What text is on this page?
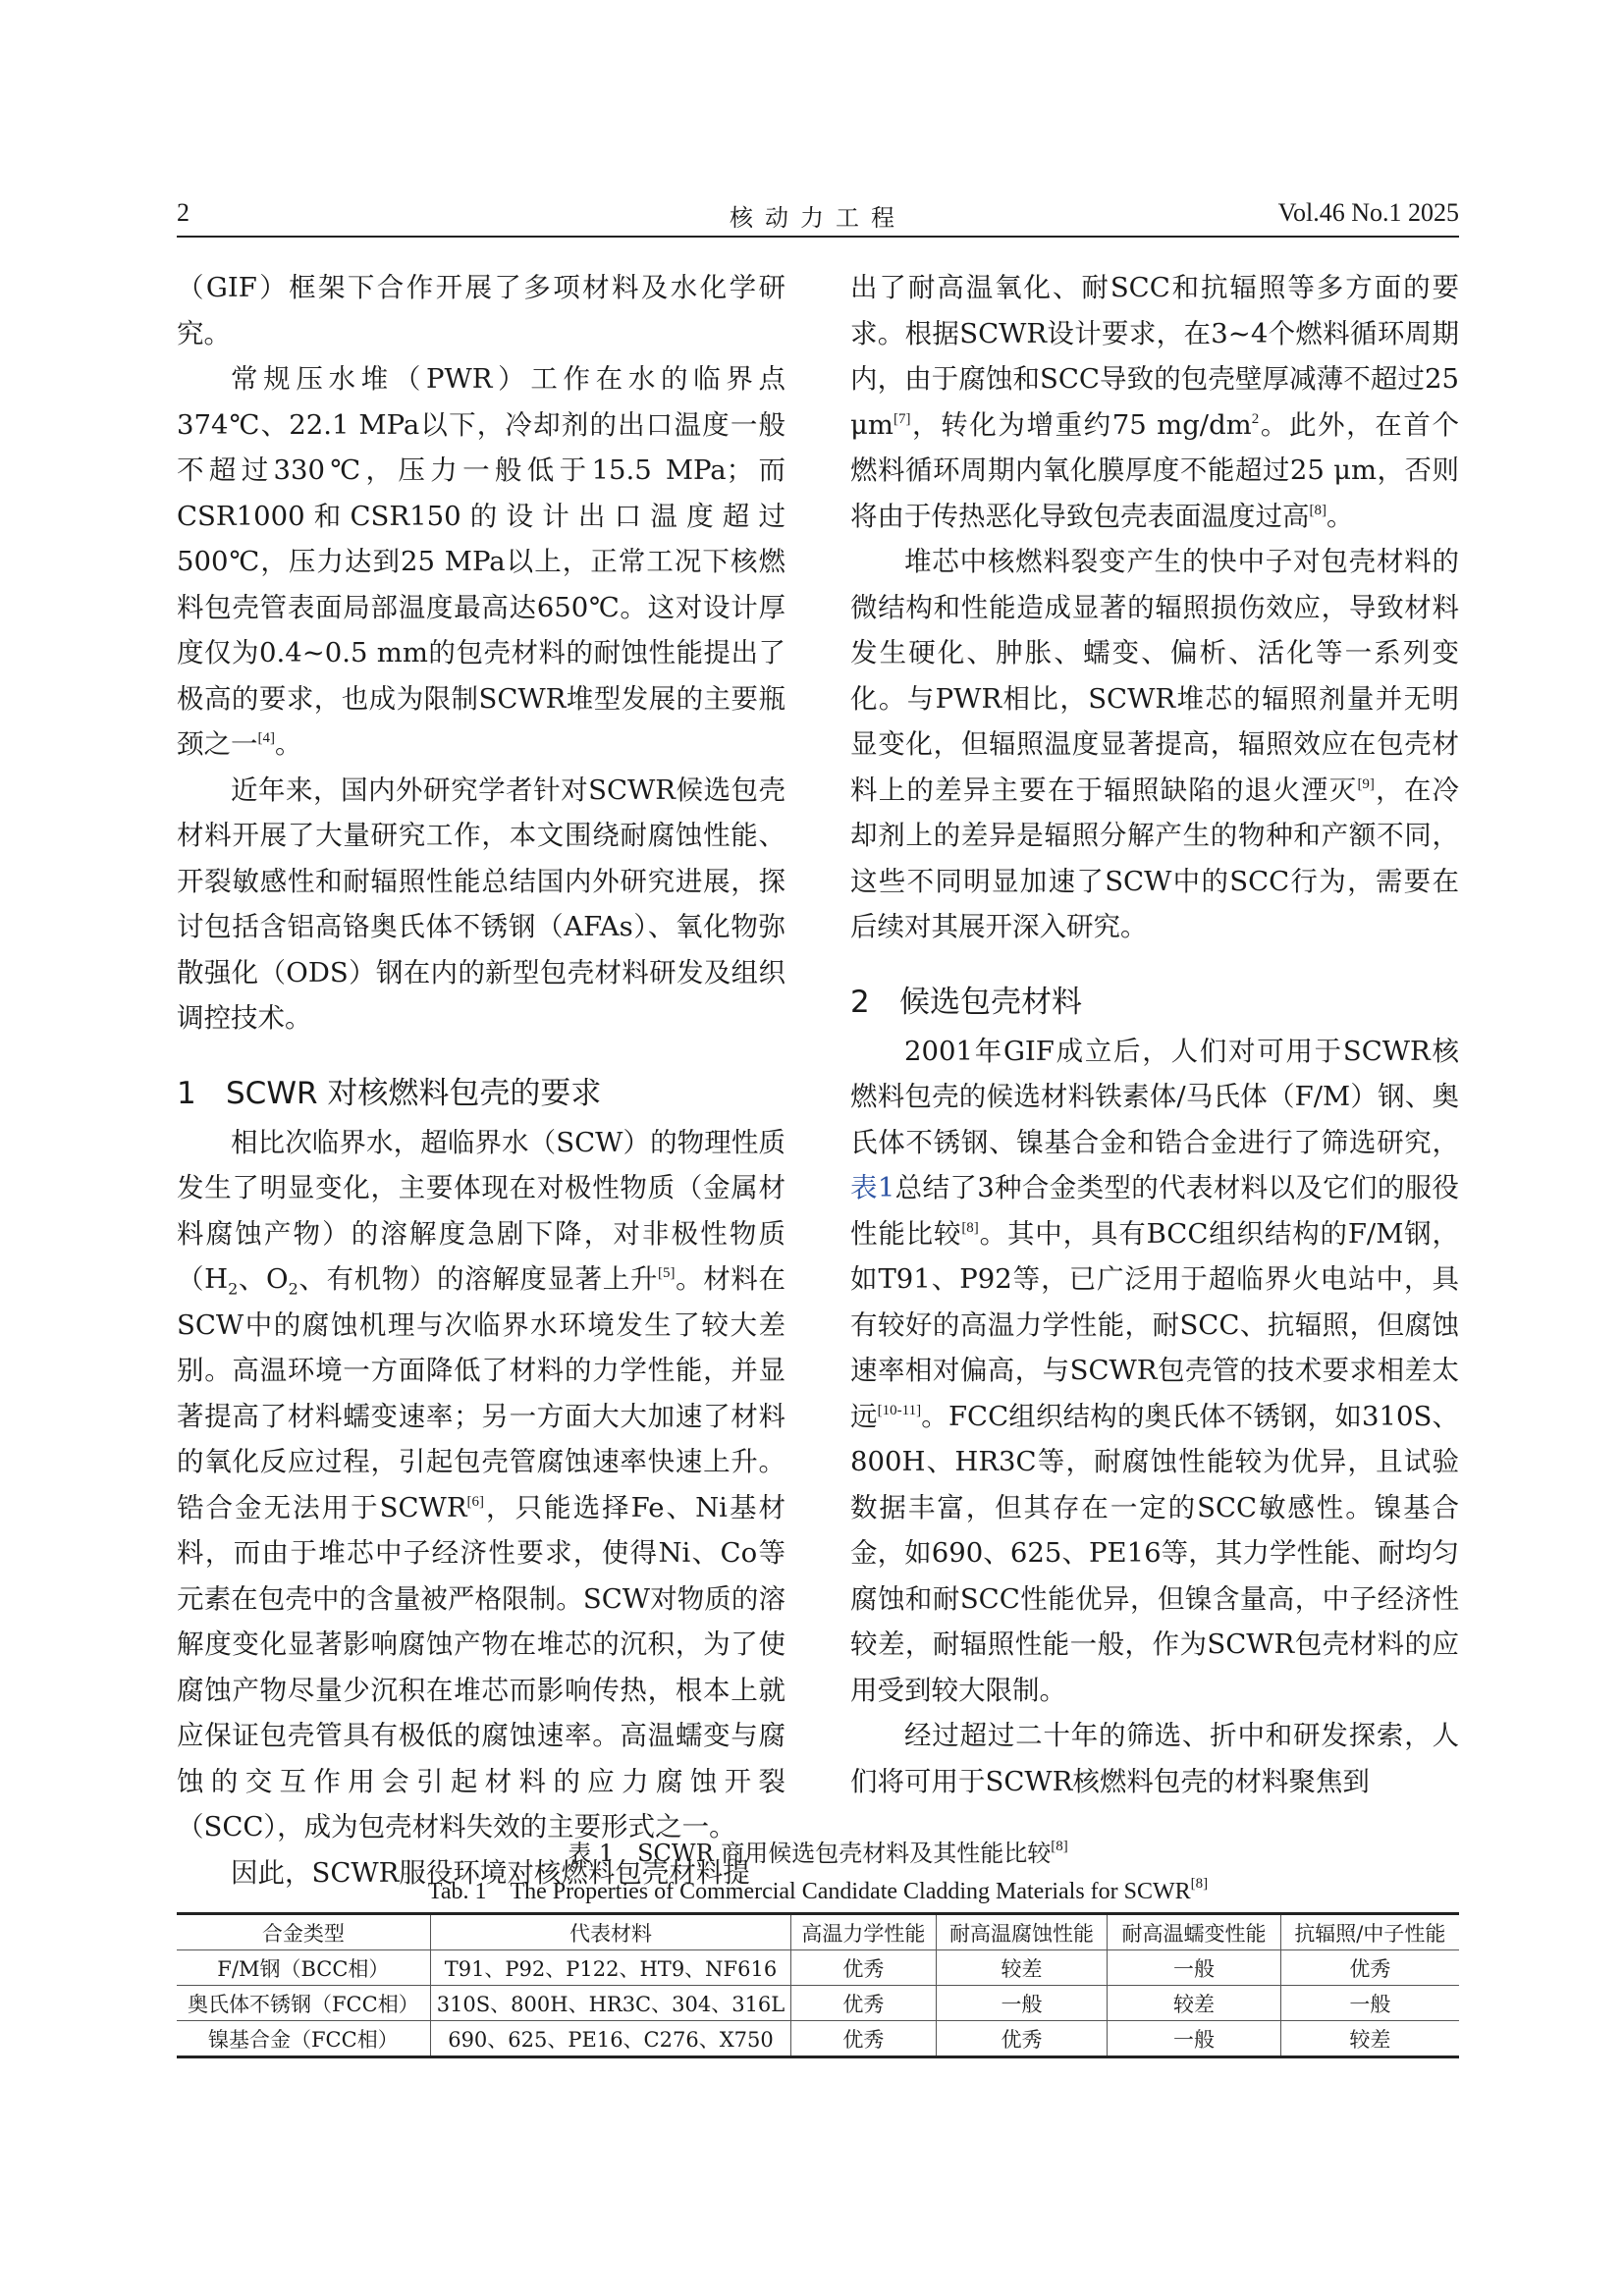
2	核动力工程	Vol.46 No.1 2025

（GIF）框架下合作开展了多项材料及水化学研究。

常规压水堆（PWR）工作在水的临界点374℃、22.1 MPa以下，冷却剂的出口温度一般不超过330℃，压力一般低于15.5 MPa；而CSR1000和CSR150的设计出口温度超过500℃，压力达到25 MPa以上，正常工况下核燃料包壳管表面局部温度最高达650℃。这对设计厚度仅为0.4~0.5 mm的包壳材料的耐蚀性能提出了极高的要求，也成为限制SCWR堆型发展的主要瓶颈之一[4]。

近年来，国内外研究学者针对SCWR候选包壳材料开展了大量研究工作，本文围绕耐腐蚀性能、开裂敏感性和耐辐照性能总结国内外研究进展，探讨包括含铝高铬奥氏体不锈钢（AFAs）、氧化物弥散强化（ODS）钢在内的新型包壳材料研发及组织调控技术。

1 SCWR 对核燃料包壳的要求

相比次临界水，超临界水（SCW）的物理性质发生了明显变化，主要体现在对极性物质（金属材料腐蚀产物）的溶解度急剧下降，对非极性物质（$H_2$、$O_2$、有机物）的溶解度显著上升[5]。材料在SCW中的腐蚀机理与次临界水环境发生了较大差别。高温环境一方面降低了材料的力学性能，并显著提高了材料蠕变速率；另一方面大大加速了材料的氧化反应过程，引起包壳管腐蚀速率快速上升。锆合金无法用于SCWR[6]，只能选择Fe、Ni基材料，而由于堆芯中子经济性要求，使得Ni、Co等元素在包壳中的含量被严格限制。SCW对物质的溶解度变化显著影响腐蚀产物在堆芯的沉积，为了使腐蚀产物尽量少沉积在堆芯而影响传热，根本上就应保证包壳管具有极低的腐蚀速率。高温蠕变与腐蚀的交互作用会引起材料的应力腐蚀开裂（SCC），成为包壳材料失效的主要形式之一。

因此，SCWR服役环境对核燃料包壳材料提

出了耐高温氧化、耐SCC和抗辐照等多方面的要求。根据SCWR设计要求，在3~4个燃料循环周期内，由于腐蚀和SCC导致的包壳壁厚减薄不超过25 μm[7]，转化为增重约75 $mg/dm^2$。此外，在首个燃料循环周期内氧化膜厚度不能超过25 μm，否则将由于传热恶化导致包壳表面温度过高[8]。

堆芯中核燃料裂变产生的快中子对包壳材料的微结构和性能造成显著的辐照损伤效应，导致材料发生硬化、肿胀、蠕变、偏析、活化等一系列变化。与PWR相比，SCWR堆芯的辐照剂量并无明显变化，但辐照温度显著提高，辐照效应在包壳材料上的差异主要在于辐照缺陷的退火湮灭[9]，在冷却剂上的差异是辐照分解产生的物种和产额不同，这些不同明显加速了SCW中的SCC行为，需要在后续对其展开深入研究。

2 候选包壳材料

2001年GIF成立后，人们对可用于SCWR核燃料包壳的候选材料铁素体/马氏体（F/M）钢、奥氏体不锈钢、镍基合金和锆合金进行了筛选研究，表1总结了3种合金类型的代表材料以及它们的服役性能比较[8]。其中，具有BCC组织结构的F/M钢，如T91、P92等，已广泛用于超临界火电站中，具有较好的高温力学性能，耐SCC、抗辐照，但腐蚀速率相对偏高，与SCWR包壳管的技术要求相差太远[10-11]。FCC组织结构的奥氏体不锈钢，如310S、800H、HR3C等，耐腐蚀性能较为优异，且试验数据丰富，但其存在一定的SCC敏感性。镍基合金，如690、625、PE16等，其力学性能、耐均匀腐蚀和耐SCC性能优异，但镍含量高，中子经济性较差，耐辐照性能一般，作为SCWR包壳材料的应用受到较大限制。

经过超过二十年的筛选、折中和研发探索，人们将可用于SCWR核燃料包壳的材料聚焦到

表 1　SCWR 商用候选包壳材料及其性能比较[8]
Tab. 1　The Properties of Commercial Candidate Cladding Materials for SCWR[8]
合金类型	代表材料	高温力学性能	耐高温腐蚀性能	耐高温蠕变性能	抗辐照/中子性能
F/M钢（BCC相）	T91、P92、P122、HT9、NF616	优秀	较差	一般	优秀
奥氏体不锈钢（FCC相）	310S、800H、HR3C、304、316L	优秀	一般	较差	一般
镍基合金（FCC相）	690、625、PE16、C276、X750	优秀	优秀	一般	较差
